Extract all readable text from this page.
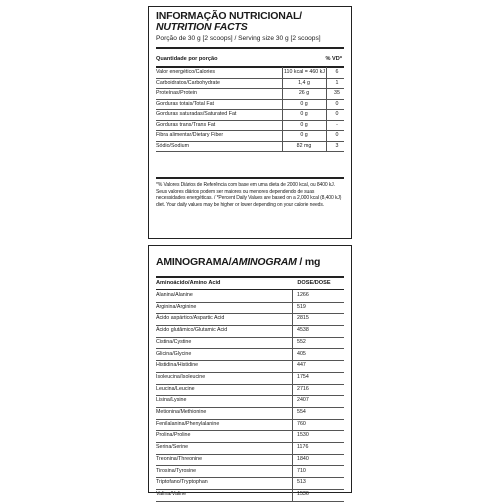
INFORMAÇÃO NUTRICIONAL/
NUTRITION FACTS
Porção de 30 g [2 scoops] / Serving size 30 g [2 scoops]
Quantidade por porção	% VD*
Valor energético/Calories	110 kcal = 460 kJ	6
Carboidratos/Carbohydrate	1,4 g	1
Proteínas/Protein	26 g	35
Gorduras totais/Total Fat	0 g	0
Gorduras saturadas/Saturated Fat	0 g	0
Gorduras trans/Trans Fat	0 g	-
Fibra alimentar/Dietary Fiber	0 g	0
Sódio/Sodium	82 mg	3
*% Valores Diários de Referência com base em uma dieta de 2000 kcal, ou 8400 kJ. Seus valores diários podem ser maiores ou menores dependendo de suas necessidades energéticas. / *Percent Daily Values are based on a 2,000 kcal (8,400 kJ) diet. Your daily values may be higher or lower depending on your calorie needs.
AMINOGRAMA/AMINOGRAM / mg
Aminoácido/Amino Acid	DOSE/DOSE
Alanina/Alanine	1266
Arginina/Arginine	519
Ácido aspártico/Aspartic Acid	2815
Ácido glutâmico/Glutamic Acid	4538
Cistina/Cystine	552
Glicina/Glycine	405
Histidina/Histidine	447
Isoleucina/Isoleucine	1754
Leucina/Leucine	2716
Lisina/Lysine	2407
Metionina/Methionine	554
Fenilalanina/Phenylalanine	760
Prolina/Proline	1530
Serina/Serine	1176
Treonina/Threonine	1840
Tirosina/Tyrosine	710
Triptofano/Tryptophan	513
Valina/Valine	1536
